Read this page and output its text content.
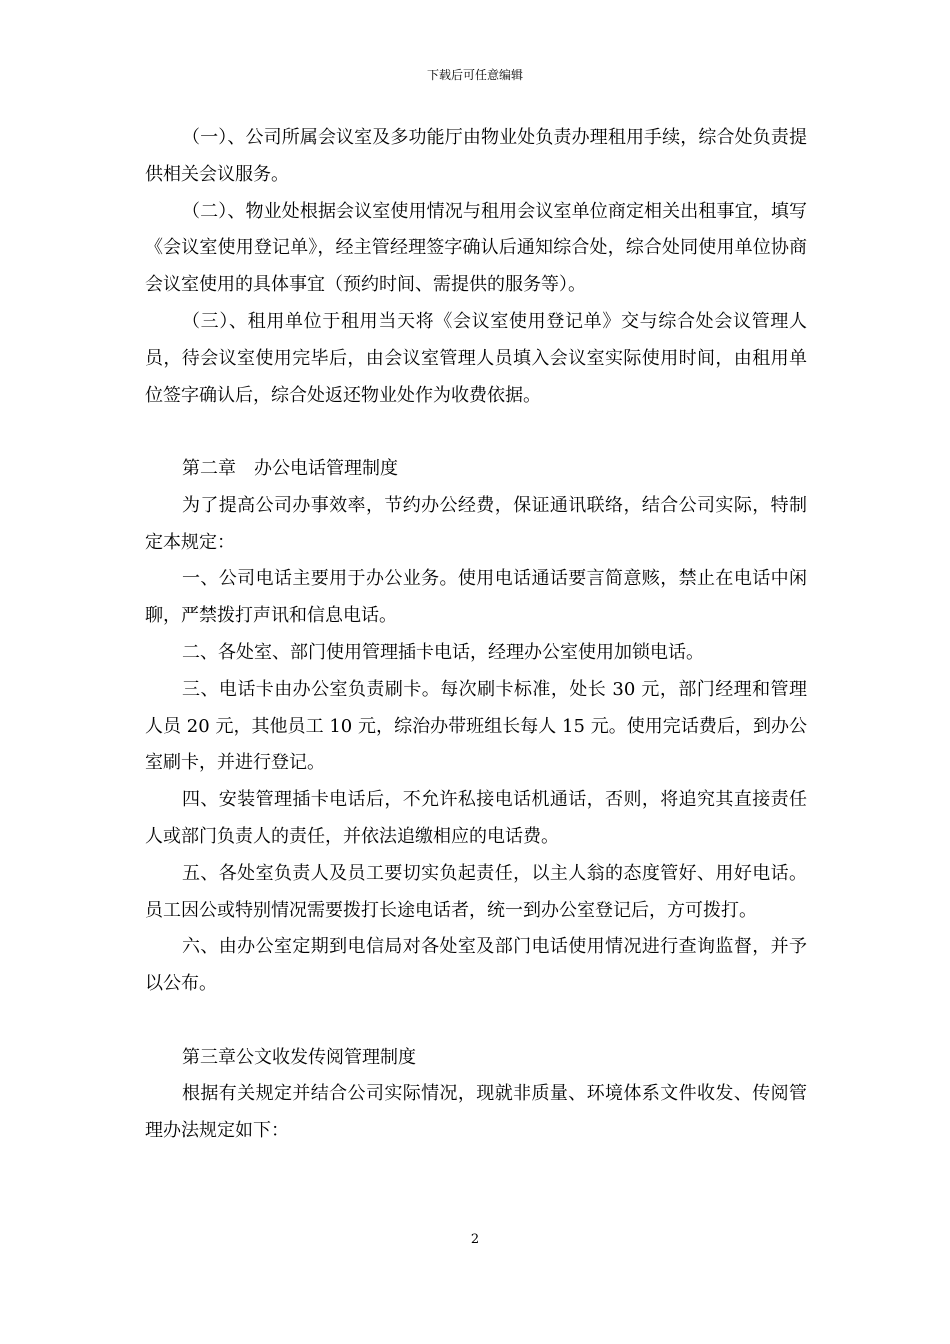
下载后可任意编辑

（一）、公司所属会议室及多功能厅由物业处负责办理租用手续，综合处负责提供相关会议服务。

（二）、物业处根据会议室使用情况与租用会议室单位商定相关出租事宜，填写《会议室使用登记单》，经主管经理签字确认后通知综合处，综合处同使用单位协商会议室使用的具体事宜（预约时间、需提供的服务等）。

（三）、租用单位于租用当天将《会议室使用登记单》交与综合处会议管理人员，待会议室使用完毕后，由会议室管理人员填入会议室实际使用时间，由租用单位签字确认后，综合处返还物业处作为收费依据。

第二章　办公电话管理制度

为了提高公司办事效率，节约办公经费，保证通讯联络，结合公司实际，特制定本规定：

一、公司电话主要用于办公业务。使用电话通话要言简意赅，禁止在电话中闲聊，严禁拨打声讯和信息电话。

二、各处室、部门使用管理插卡电话，经理办公室使用加锁电话。

三、电话卡由办公室负责刷卡。每次刷卡标准，处长 30 元，部门经理和管理人员 20 元，其他员工 10 元，综治办带班组长每人 15 元。使用完话费后，到办公室刷卡，并进行登记。

四、安装管理插卡电话后，不允许私接电话机通话，否则，将追究其直接责任人或部门负责人的责任，并依法追缴相应的电话费。

五、各处室负责人及员工要切实负起责任，以主人翁的态度管好、用好电话。员工因公或特别情况需要拨打长途电话者，统一到办公室登记后，方可拨打。

六、由办公室定期到电信局对各处室及部门电话使用情况进行查询监督，并予以公布。

第三章公文收发传阅管理制度

根据有关规定并结合公司实际情况，现就非质量、环境体系文件收发、传阅管理办法规定如下：

2
